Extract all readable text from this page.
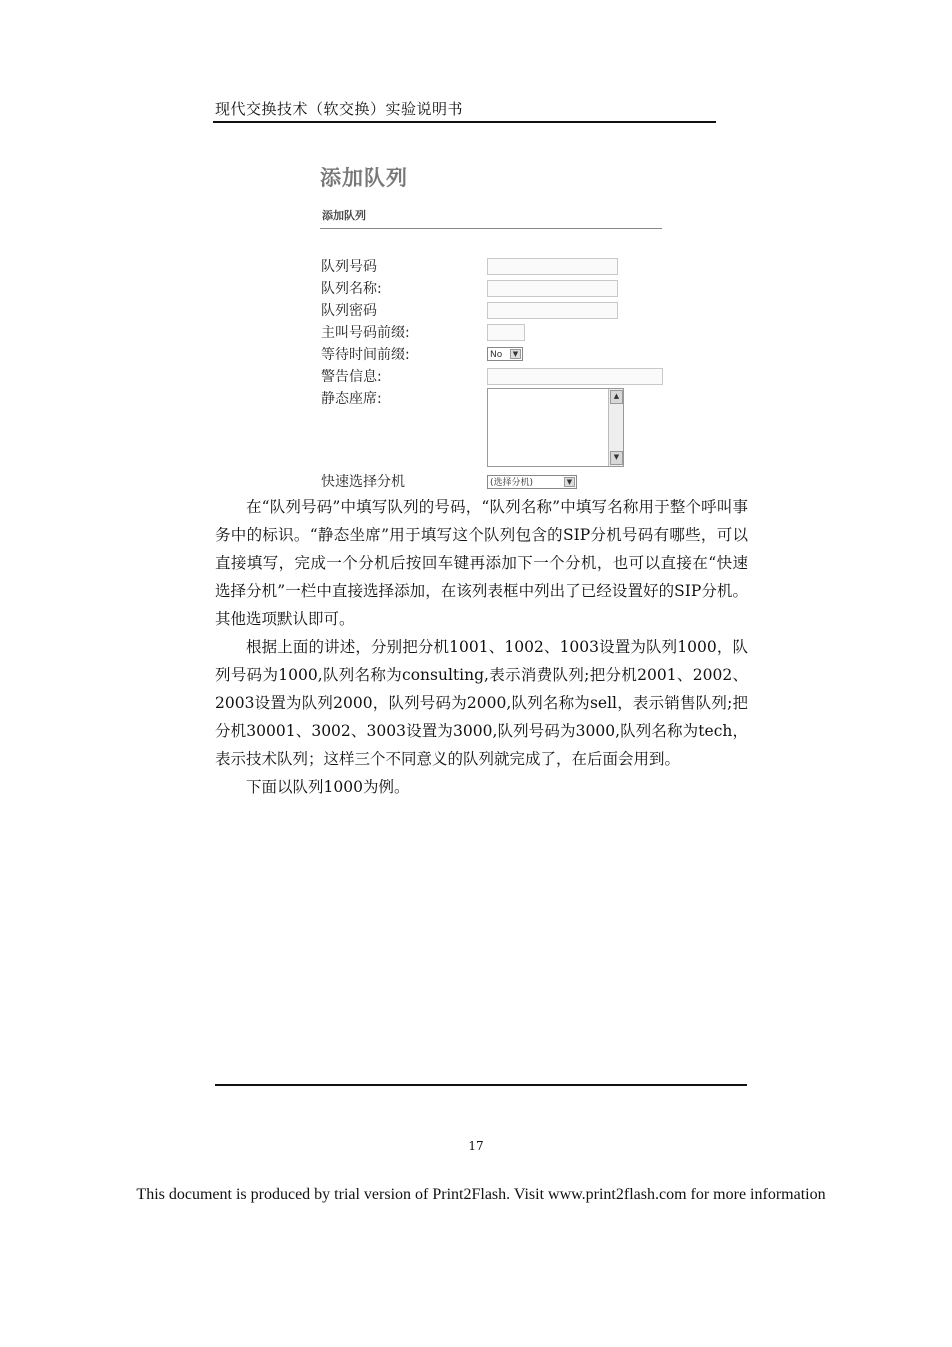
现代交换技术（软交换）实验说明书
添加队列
添加队列
队列号码
队列名称:
队列密码
主叫号码前缀:
等待时间前缀:	No	▼
警告信息:
静态座席:	▲
▼
快速选择分机	(选择分机)	▼

在“队列号码”中填写队列的号码，“队列名称”中填写名称用于整个呼叫事务中的标识。“静态坐席”用于填写这个队列包含的SIP分机号码有哪些，可以直接填写，完成一个分机后按回车键再添加下一个分机，也可以直接在“快速选择分机”一栏中直接选择添加，在该列表框中列出了已经设置好的SIP分机。其他选项默认即可。

根据上面的讲述，分别把分机1001、1002、1003设置为队列1000，队列号码为1000,队列名称为consulting,表示消费队列;把分机2001、2002、2003设置为队列2000，队列号码为2000,队列名称为sell，表示销售队列;把分机30001、3002、3003设置为3000,队列号码为3000,队列名称为tech，表示技术队列；这样三个不同意义的队列就完成了，在后面会用到。

下面以队列1000为例。

17
This document is produced by trial version of Print2Flash. Visit www.print2flash.com for more information
